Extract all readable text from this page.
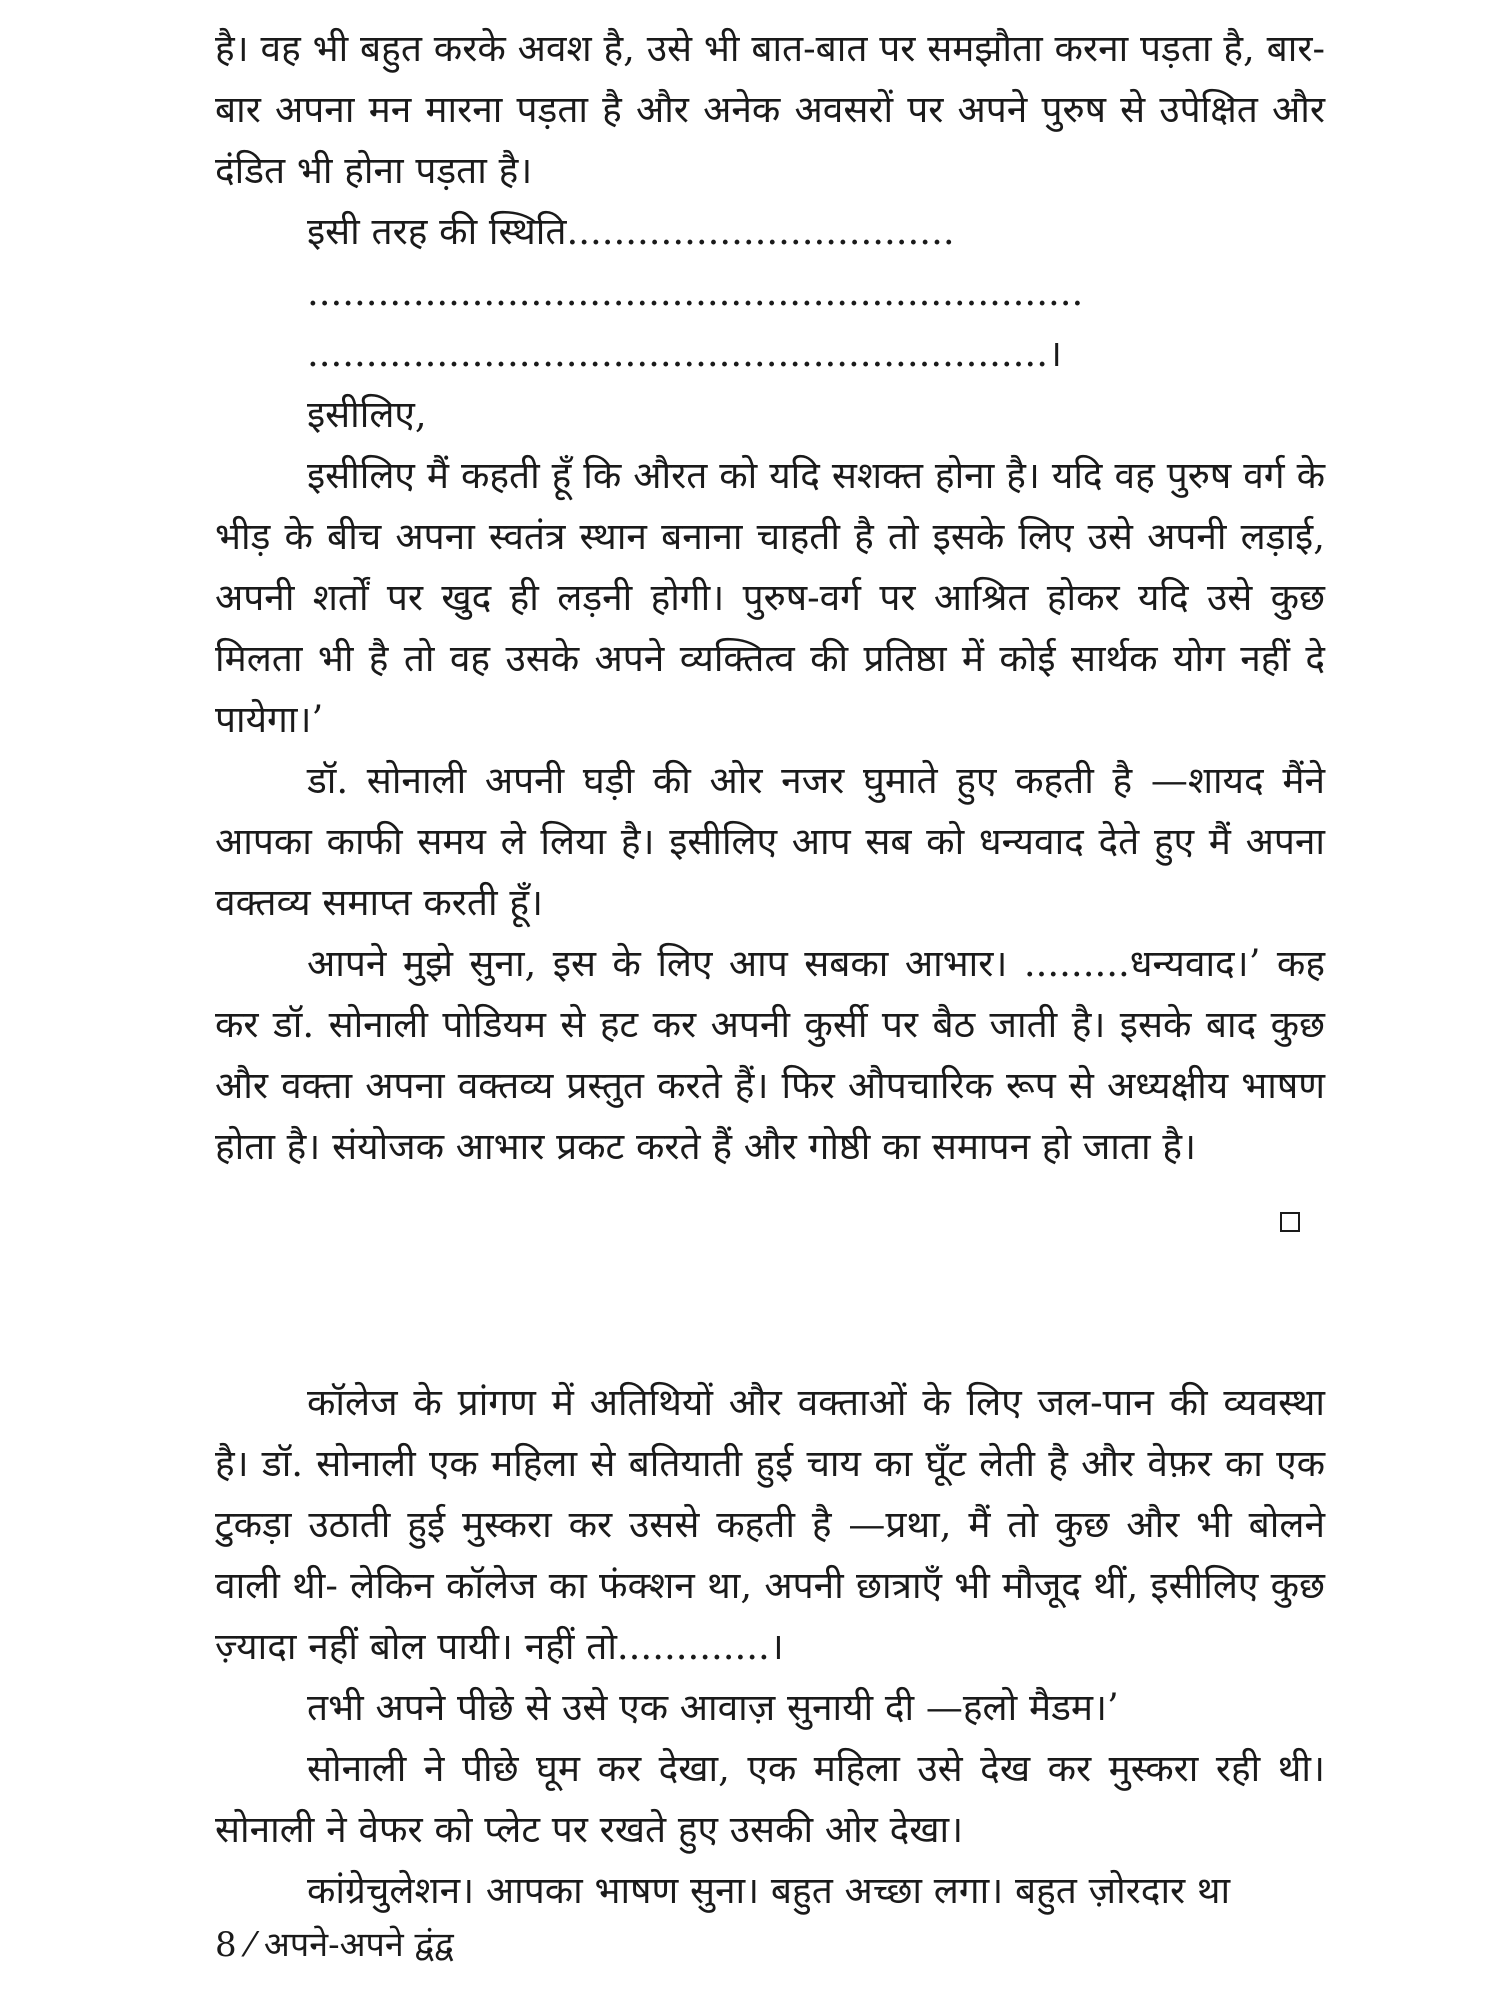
है। वह भी बहुत करके अवश है, उसे भी बात-बात पर समझौता करना पड़ता है, बार-बार अपना मन मारना पड़ता है और अनेक अवसरों पर अपने पुरुष से उपेक्षित और दंडित भी होना पड़ता है।

इसी तरह की स्थिति.................................

..................................................................

...............................................................।

इसीलिए,

इसीलिए मैं कहती हूँ कि औरत को यदि सशक्त होना है। यदि वह पुरुष वर्ग के भीड़ के बीच अपना स्वतंत्र स्थान बनाना चाहती है तो इसके लिए उसे अपनी लड़ाई, अपनी शर्तों पर खुद ही लड़नी होगी। पुरुष-वर्ग पर आश्रित होकर यदि उसे कुछ मिलता भी है तो वह उसके अपने व्यक्तित्व की प्रतिष्ठा में कोई सार्थक योग नहीं दे पायेगा।’

डॉ. सोनाली अपनी घड़ी की ओर नजर घुमाते हुए कहती है —शायद मैंने आपका काफी समय ले लिया है। इसीलिए आप सब को धन्यवाद देते हुए मैं अपना वक्तव्य समाप्त करती हूँ।

आपने मुझे सुना, इस के लिए आप सबका आभार। .........धन्यवाद।’ कह कर डॉ. सोनाली पोडियम से हट कर अपनी कुर्सी पर बैठ जाती है। इसके बाद कुछ और वक्ता अपना वक्तव्य प्रस्तुत करते हैं। फिर औपचारिक रूप से अध्यक्षीय भाषण होता है। संयोजक आभार प्रकट करते हैं और गोष्ठी का समापन हो जाता है।

कॉलेज के प्रांगण में अतिथियों और वक्ताओं के लिए जल-पान की व्यवस्था है। डॉ. सोनाली एक महिला से बतियाती हुई चाय का घूँट लेती है और वेफ़र का एक टुकड़ा उठाती हुई मुस्करा कर उससे कहती है —प्रथा, मैं तो कुछ और भी बोलने वाली थी- लेकिन कॉलेज का फंक्शन था, अपनी छात्राएँ भी मौजूद थीं, इसीलिए कुछ ज़्यादा नहीं बोल पायी। नहीं तो.............।

तभी अपने पीछे से उसे एक आवाज़ सुनायी दी —हलो मैडम।’

सोनाली ने पीछे घूम कर देखा, एक महिला उसे देख कर मुस्करा रही थी। सोनाली ने वेफर को प्लेट पर रखते हुए उसकी ओर देखा।

कांग्रेचुलेशन। आपका भाषण सुना। बहुत अच्छा लगा। बहुत ज़ोरदार था

8 ⁄ अपने-अपने द्वंद्व
